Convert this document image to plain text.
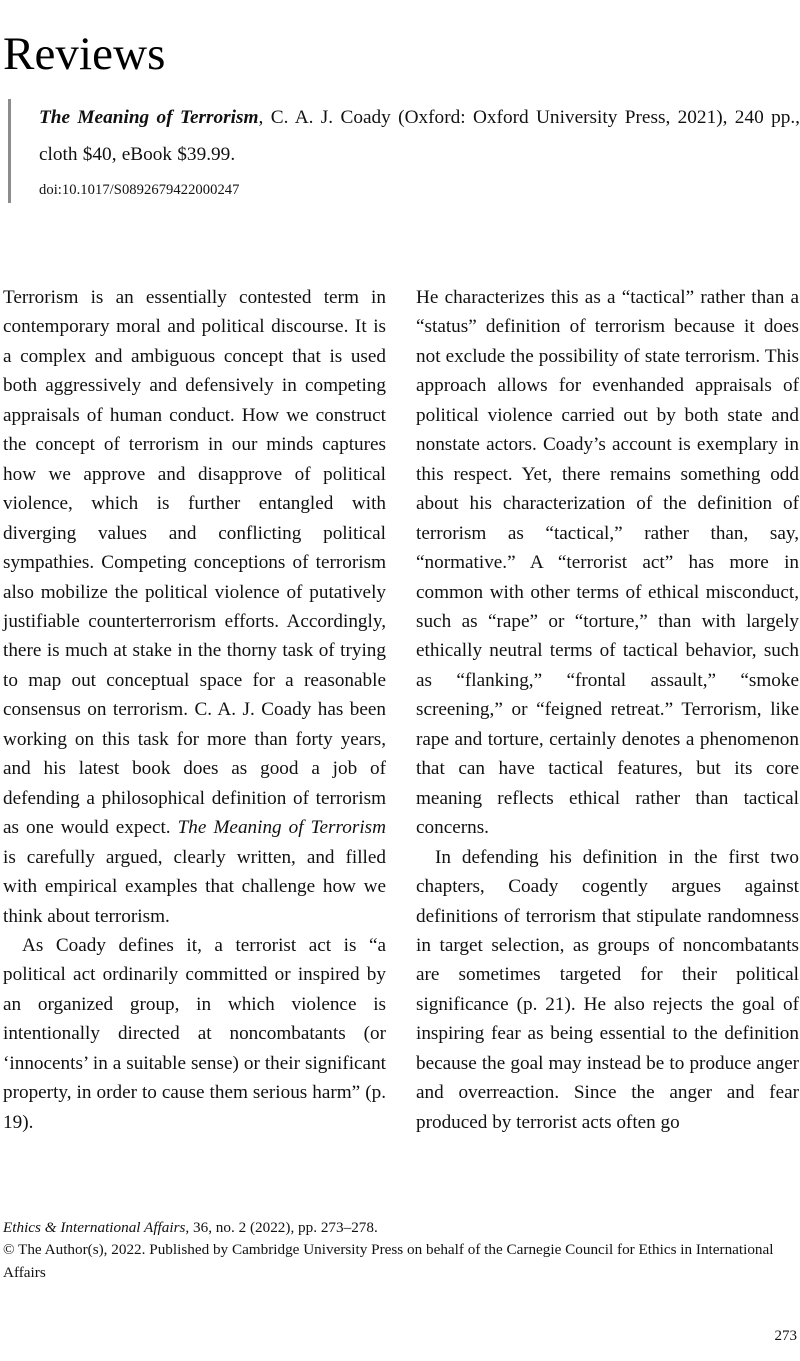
Reviews

The Meaning of Terrorism, C. A. J. Coady (Oxford: Oxford University Press, 2021), 240 pp., cloth $40, eBook $39.99.

doi:10.1017/S0892679422000247

Terrorism is an essentially contested term in contemporary moral and political discourse. It is a complex and ambiguous concept that is used both aggressively and defensively in competing appraisals of human conduct. How we construct the concept of terrorism in our minds captures how we approve and disapprove of political violence, which is further entangled with diverging values and conflicting political sympathies. Competing conceptions of terrorism also mobilize the political violence of putatively justifiable counterterrorism efforts. Accordingly, there is much at stake in the thorny task of trying to map out conceptual space for a reasonable consensus on terrorism. C. A. J. Coady has been working on this task for more than forty years, and his latest book does as good a job of defending a philosophical definition of terrorism as one would expect. The Meaning of Terrorism is carefully argued, clearly written, and filled with empirical examples that challenge how we think about terrorism.

As Coady defines it, a terrorist act is “a political act ordinarily committed or inspired by an organized group, in which violence is intentionally directed at noncombatants (or ‘innocents’ in a suitable sense) or their significant property, in order to cause them serious harm” (p. 19).

He characterizes this as a “tactical” rather than a “status” definition of terrorism because it does not exclude the possibility of state terrorism. This approach allows for evenhanded appraisals of political violence carried out by both state and nonstate actors. Coady’s account is exemplary in this respect. Yet, there remains something odd about his characterization of the definition of terrorism as “tactical,” rather than, say, “normative.” A “terrorist act” has more in common with other terms of ethical misconduct, such as “rape” or “torture,” than with largely ethically neutral terms of tactical behavior, such as “flanking,” “frontal assault,” “smoke screening,” or “feigned retreat.” Terrorism, like rape and torture, certainly denotes a phenomenon that can have tactical features, but its core meaning reflects ethical rather than tactical concerns.

In defending his definition in the first two chapters, Coady cogently argues against definitions of terrorism that stipulate randomness in target selection, as groups of noncombatants are sometimes targeted for their political significance (p. 21). He also rejects the goal of inspiring fear as being essential to the definition because the goal may instead be to produce anger and overreaction. Since the anger and fear produced by terrorist acts often go

Ethics & International Affairs, 36, no. 2 (2022), pp. 273–278.

© The Author(s), 2022. Published by Cambridge University Press on behalf of the Carnegie Council for Ethics in International Affairs

273
